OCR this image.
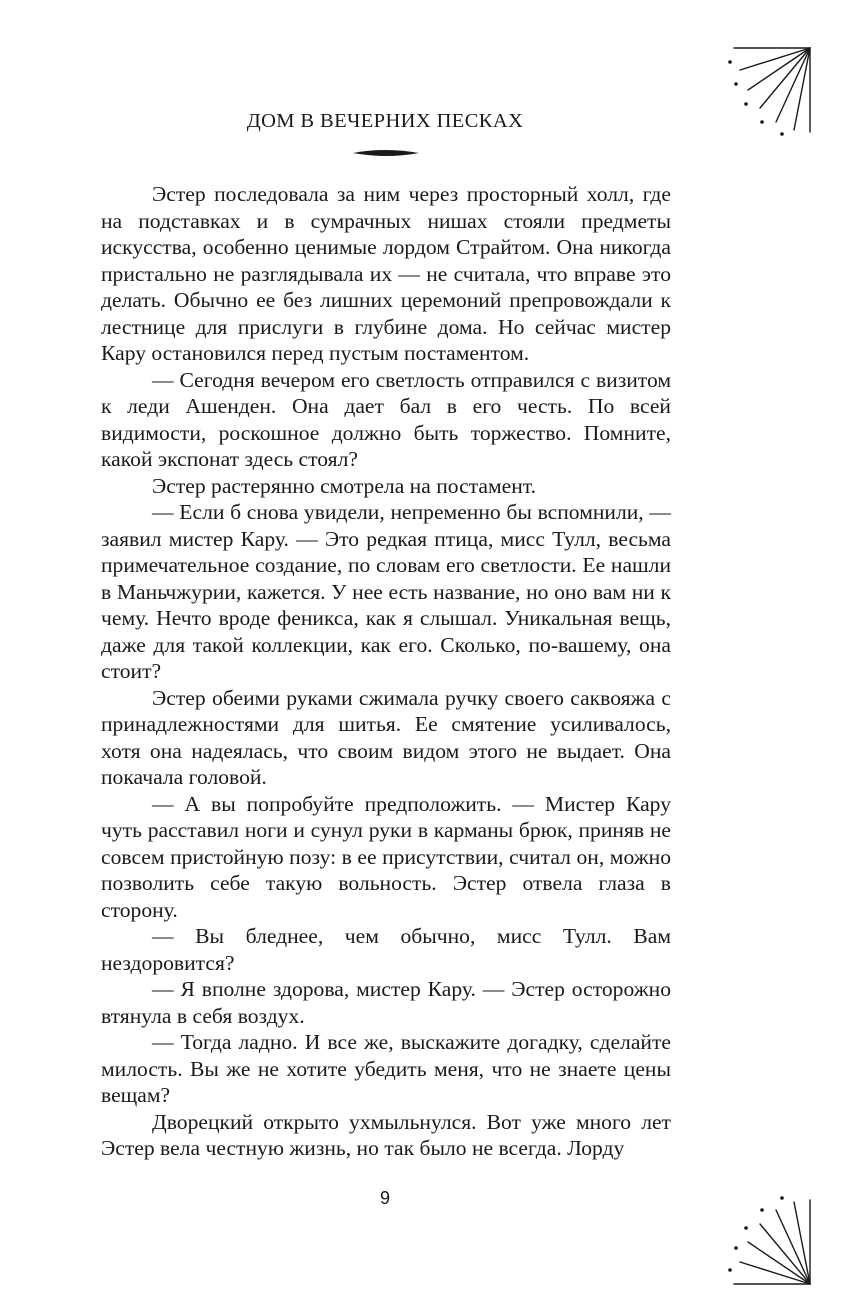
ДОМ В ВЕЧЕРНИХ ПЕСКАХ

Эстер последовала за ним через просторный холл, где на подставках и в сумрачных нишах стояли предметы искусства, особенно ценимые лордом Страйтом. Она никогда пристально не разглядывала их — не считала, что вправе это делать. Обычно ее без лишних церемоний препровождали к лестнице для прислуги в глубине дома. Но сейчас мистер Кару остановился перед пустым постаментом.

— Сегодня вечером его светлость отправился с визитом к леди Ашенден. Она дает бал в его честь. По всей видимости, роскошное должно быть торжество. Помните, какой экспонат здесь стоял?

Эстер растерянно смотрела на постамент.

— Если б снова увидели, непременно бы вспомнили, — заявил мистер Кару. — Это редкая птица, мисс Тулл, весьма примечательное создание, по словам его светлости. Ее нашли в Маньчжурии, кажется. У нее есть название, но оно вам ни к чему. Нечто вроде феникса, как я слышал. Уникальная вещь, даже для такой коллекции, как его. Сколько, по-вашему, она стоит?

Эстер обеими руками сжимала ручку своего саквояжа с принадлежностями для шитья. Ее смятение усиливалось, хотя она надеялась, что своим видом этого не выдает. Она покачала головой.

— А вы попробуйте предположить. — Мистер Кару чуть расставил ноги и сунул руки в карманы брюк, приняв не совсем пристойную позу: в ее присутствии, считал он, можно позволить себе такую вольность. Эстер отвела глаза в сторону.

— Вы бледнее, чем обычно, мисс Тулл. Вам нездоровится?

— Я вполне здорова, мистер Кару. — Эстер осторожно втянула в себя воздух.

— Тогда ладно. И все же, выскажите догадку, сделайте милость. Вы же не хотите убедить меня, что не знаете цены вещам?

Дворецкий открыто ухмыльнулся. Вот уже много лет Эстер вела честную жизнь, но так было не всегда. Лорду

9
